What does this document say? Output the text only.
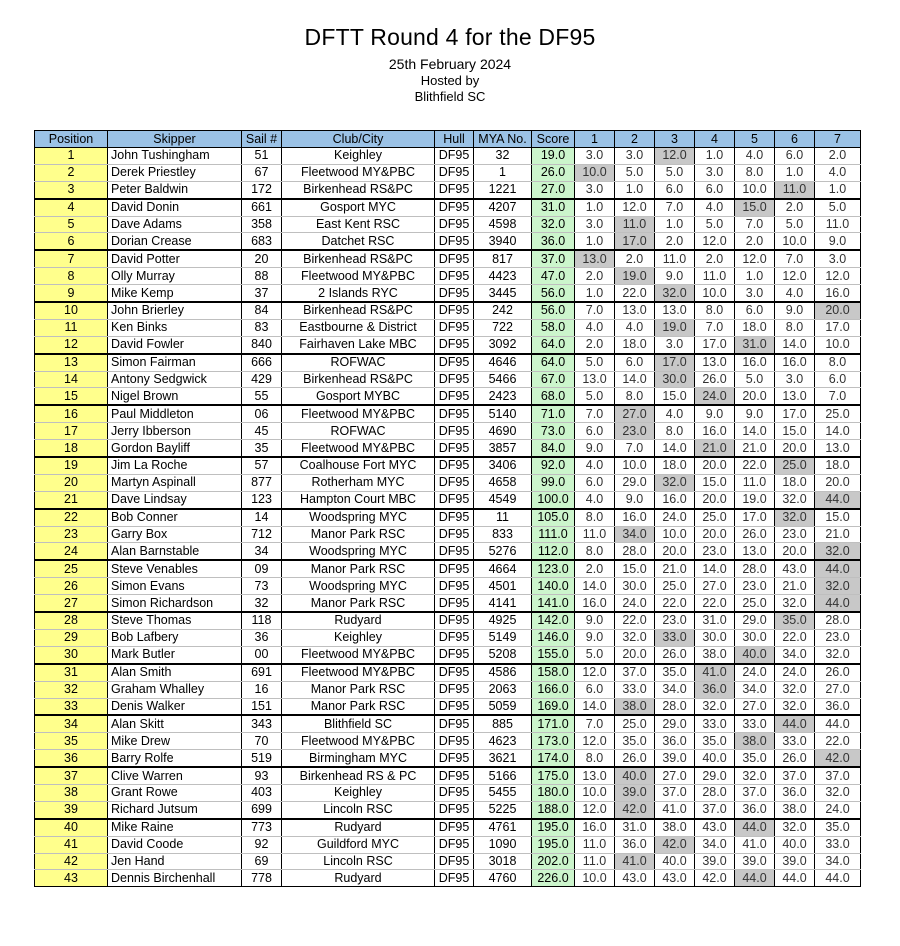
DFTT Round 4 for the DF95
25th February 2024
Hosted by
Blithfield SC
Position	Skipper	Sail #	Club/City	Hull	MYA No.	Score	1	2	3	4	5	6	7
1	John Tushingham	51	Keighley	DF95	32	19.0	3.0	3.0	12.0	1.0	4.0	6.0	2.0
2	Derek Priestley	67	Fleetwood MY&PBC	DF95	1	26.0	10.0	5.0	5.0	3.0	8.0	1.0	4.0
3	Peter Baldwin	172	Birkenhead RS&PC	DF95	1221	27.0	3.0	1.0	6.0	6.0	10.0	11.0	1.0
4	David Donin	661	Gosport MYC	DF95	4207	31.0	1.0	12.0	7.0	4.0	15.0	2.0	5.0
5	Dave Adams	358	East Kent RSC	DF95	4598	32.0	3.0	11.0	1.0	5.0	7.0	5.0	11.0
6	Dorian Crease	683	Datchet RSC	DF95	3940	36.0	1.0	17.0	2.0	12.0	2.0	10.0	9.0
7	David Potter	20	Birkenhead RS&PC	DF95	817	37.0	13.0	2.0	11.0	2.0	12.0	7.0	3.0
8	Olly Murray	88	Fleetwood MY&PBC	DF95	4423	47.0	2.0	19.0	9.0	11.0	1.0	12.0	12.0
9	Mike Kemp	37	2 Islands RYC	DF95	3445	56.0	1.0	22.0	32.0	10.0	3.0	4.0	16.0
10	John Brierley	84	Birkenhead RS&PC	DF95	242	56.0	7.0	13.0	13.0	8.0	6.0	9.0	20.0
11	Ken Binks	83	Eastbourne & District	DF95	722	58.0	4.0	4.0	19.0	7.0	18.0	8.0	17.0
12	David Fowler	840	Fairhaven Lake MBC	DF95	3092	64.0	2.0	18.0	3.0	17.0	31.0	14.0	10.0
13	Simon Fairman	666	ROFWAC	DF95	4646	64.0	5.0	6.0	17.0	13.0	16.0	16.0	8.0
14	Antony Sedgwick	429	Birkenhead RS&PC	DF95	5466	67.0	13.0	14.0	30.0	26.0	5.0	3.0	6.0
15	Nigel Brown	55	Gosport MYBC	DF95	2423	68.0	5.0	8.0	15.0	24.0	20.0	13.0	7.0
16	Paul Middleton	06	Fleetwood MY&PBC	DF95	5140	71.0	7.0	27.0	4.0	9.0	9.0	17.0	25.0
17	Jerry Ibberson	45	ROFWAC	DF95	4690	73.0	6.0	23.0	8.0	16.0	14.0	15.0	14.0
18	Gordon Bayliff	35	Fleetwood MY&PBC	DF95	3857	84.0	9.0	7.0	14.0	21.0	21.0	20.0	13.0
19	Jim La Roche	57	Coalhouse Fort MYC	DF95	3406	92.0	4.0	10.0	18.0	20.0	22.0	25.0	18.0
20	Martyn Aspinall	877	Rotherham MYC	DF95	4658	99.0	6.0	29.0	32.0	15.0	11.0	18.0	20.0
21	Dave Lindsay	123	Hampton Court MBC	DF95	4549	100.0	4.0	9.0	16.0	20.0	19.0	32.0	44.0
22	Bob Conner	14	Woodspring MYC	DF95	11	105.0	8.0	16.0	24.0	25.0	17.0	32.0	15.0
23	Garry Box	712	Manor Park RSC	DF95	833	111.0	11.0	34.0	10.0	20.0	26.0	23.0	21.0
24	Alan Barnstable	34	Woodspring MYC	DF95	5276	112.0	8.0	28.0	20.0	23.0	13.0	20.0	32.0
25	Steve Venables	09	Manor Park RSC	DF95	4664	123.0	2.0	15.0	21.0	14.0	28.0	43.0	44.0
26	Simon Evans	73	Woodspring MYC	DF95	4501	140.0	14.0	30.0	25.0	27.0	23.0	21.0	32.0
27	Simon Richardson	32	Manor Park RSC	DF95	4141	141.0	16.0	24.0	22.0	22.0	25.0	32.0	44.0
28	Steve Thomas	118	Rudyard	DF95	4925	142.0	9.0	22.0	23.0	31.0	29.0	35.0	28.0
29	Bob Lafbery	36	Keighley	DF95	5149	146.0	9.0	32.0	33.0	30.0	30.0	22.0	23.0
30	Mark Butler	00	Fleetwood MY&PBC	DF95	5208	155.0	5.0	20.0	26.0	38.0	40.0	34.0	32.0
31	Alan Smith	691	Fleetwood MY&PBC	DF95	4586	158.0	12.0	37.0	35.0	41.0	24.0	24.0	26.0
32	Graham Whalley	16	Manor Park RSC	DF95	2063	166.0	6.0	33.0	34.0	36.0	34.0	32.0	27.0
33	Denis Walker	151	Manor Park RSC	DF95	5059	169.0	14.0	38.0	28.0	32.0	27.0	32.0	36.0
34	Alan Skitt	343	Blithfield SC	DF95	885	171.0	7.0	25.0	29.0	33.0	33.0	44.0	44.0
35	Mike Drew	70	Fleetwood MY&PBC	DF95	4623	173.0	12.0	35.0	36.0	35.0	38.0	33.0	22.0
36	Barry Rolfe	519	Birmingham MYC	DF95	3621	174.0	8.0	26.0	39.0	40.0	35.0	26.0	42.0
37	Clive Warren	93	Birkenhead RS & PC	DF95	5166	175.0	13.0	40.0	27.0	29.0	32.0	37.0	37.0
38	Grant Rowe	403	Keighley	DF95	5455	180.0	10.0	39.0	37.0	28.0	37.0	36.0	32.0
39	Richard Jutsum	699	Lincoln RSC	DF95	5225	188.0	12.0	42.0	41.0	37.0	36.0	38.0	24.0
40	Mike Raine	773	Rudyard	DF95	4761	195.0	16.0	31.0	38.0	43.0	44.0	32.0	35.0
41	David Coode	92	Guildford MYC	DF95	1090	195.0	11.0	36.0	42.0	34.0	41.0	40.0	33.0
42	Jen Hand	69	Lincoln RSC	DF95	3018	202.0	11.0	41.0	40.0	39.0	39.0	39.0	34.0
43	Dennis Birchenhall	778	Rudyard	DF95	4760	226.0	10.0	43.0	43.0	42.0	44.0	44.0	44.0
